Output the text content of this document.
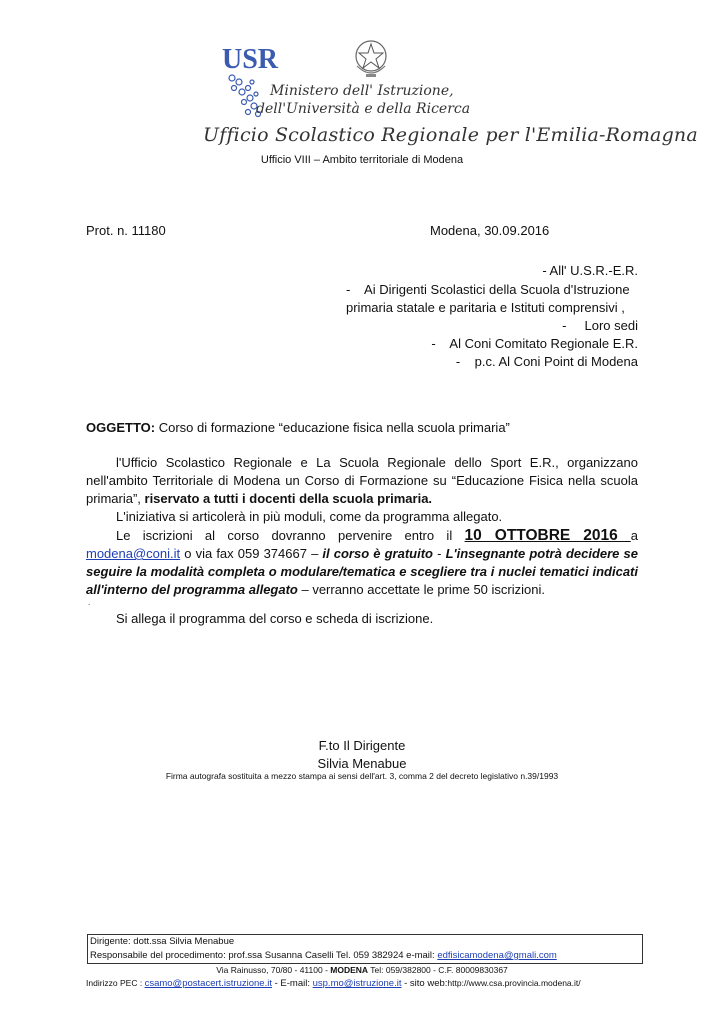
USR
Ministero dell' Istruzione,
dell'Università e della Ricerca
Ufficio Scolastico Regionale per l'Emilia-Romagna
Ufficio VIII – Ambito territoriale di Modena
Prot. n. 11180	Modena, 30.09.2016
- All' U.S.R.-E.R.
-    Ai Dirigenti Scolastici della Scuola d'Istruzione
primaria statale e paritaria e Istituti comprensivi ,
-     Loro sedi
-    Al Coni Comitato Regionale E.R.
-    p.c. Al Coni Point di Modena
OGGETTO: Corso di formazione “educazione fisica nella scuola primaria”
l'Ufficio Scolastico Regionale e La Scuola Regionale dello Sport E.R., organizzano nell'ambito Territoriale di Modena un Corso di Formazione su “Educazione Fisica nella scuola primaria”, riservato a tutti i docenti della scuola primaria.
L'iniziativa si articolerà in più moduli, come da programma allegato.
Le iscrizioni al corso dovranno pervenire entro il 10 OTTOBRE 2016 a modena@coni.it o via fax 059 374667 – il corso è gratuito - L'insegnante potrà decidere se seguire la modalità completa o modulare/tematica e scegliere tra i nuclei tematici indicati all'interno del programma allegato – verranno accettate le prime 50 iscrizioni.
.
Si allega il programma del corso e scheda di iscrizione.
F.to Il Dirigente
Silvia Menabue
Firma autografa sostituita a mezzo stampa ai sensi dell'art. 3, comma 2 del decreto legislativo n.39/1993
Dirigente: dott.ssa Silvia Menabue
Responsabile del procedimento: prof.ssa Susanna Caselli Tel. 059 382924 e-mail: edfisicamodena@gmali.com
Via Rainusso, 70/80 - 41100 - MODENA Tel: 059/382800 - C.F. 80009830367
Indirizzo PEC : csamo@postacert.istruzione.it - E-mail: usp.mo@istruzione.it - sito web:http://www.csa.provincia.modena.it/
